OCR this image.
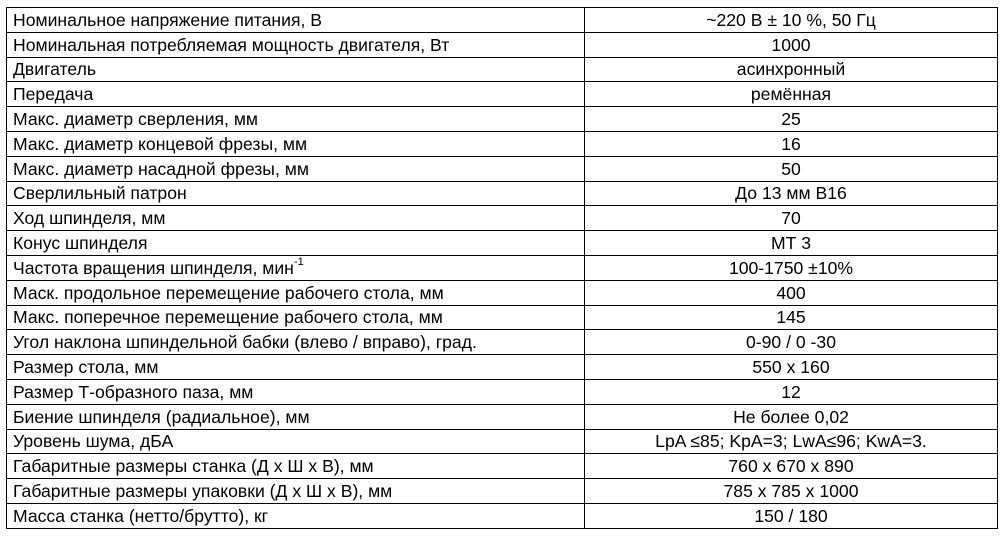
Номинальное напряжение питания, В	~220 В ± 10 %, 50 Гц
Номинальная потребляемая мощность двигателя, Вт	1000
Двигатель	асинхронный
Передача	ремённая
Макс. диаметр сверления, мм	25
Макс. диаметр концевой фрезы, мм	16
Макс. диаметр насадной фрезы, мм	50
Сверлильный патрон	До 13 мм B16
Ход шпинделя, мм	70
Конус шпинделя	МТ 3
Частота вращения шпинделя, мин$^{-1}$	100-1750 ±10%
Маск. продольное перемещение рабочего стола, мм	400
Макс. поперечное перемещение рабочего стола, мм	145
Угол наклона шпиндельной бабки (влево / вправо), град.	0-90 / 0 -30
Размер стола, мм	550 x 160
Размер Т-образного паза, мм	12
Биение шпинделя (радиальное), мм	Не более 0,02
Уровень шума, дБА	LpA ≤85; KpA=3; LwA≤96; KwA=3.
Габаритные размеры станка (Д х Ш х В), мм	760 x 670 x 890
Габаритные размеры упаковки (Д х Ш х В), мм	785 x 785 x 1000
Масса станка (нетто/брутто), кг	150 / 180
